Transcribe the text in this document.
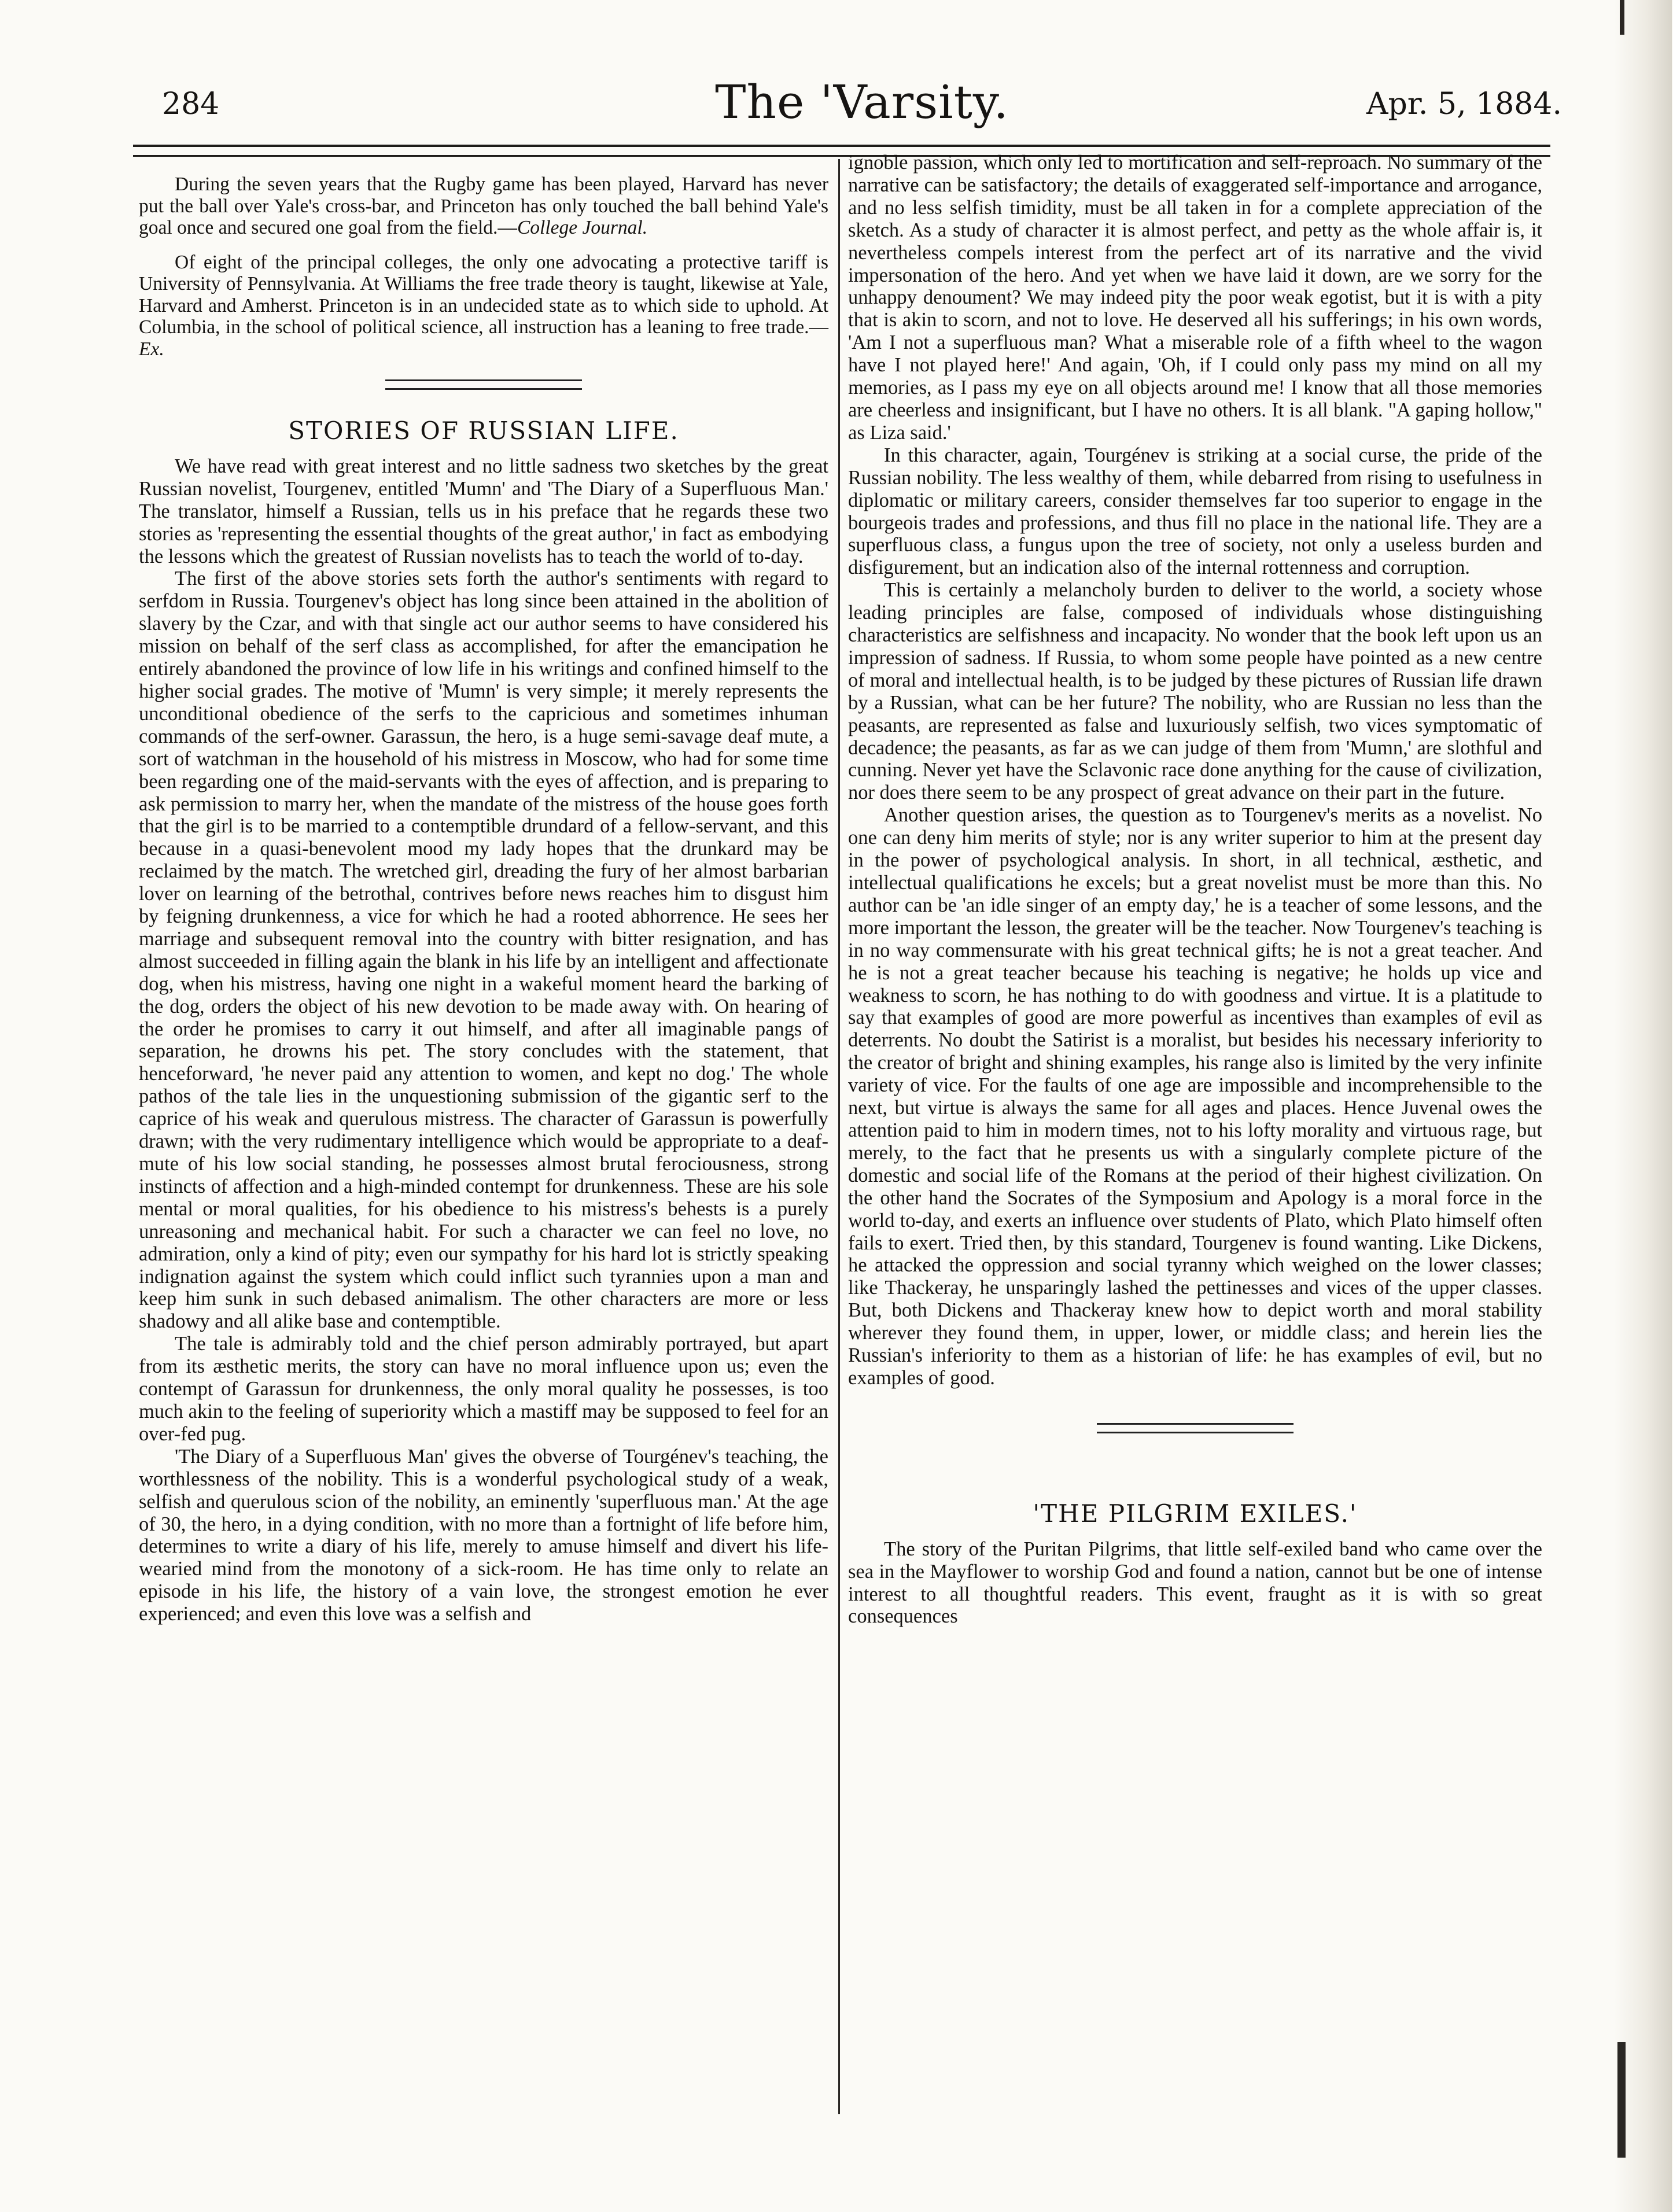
284	The 'Varsity.	Apr. 5, 1884.

During the seven years that the Rugby game has been played, Harvard has never put the ball over Yale's cross-bar, and Princeton has only touched the ball behind Yale's goal once and secured one goal from the field.—College Journal.

Of eight of the principal colleges, the only one advocating a protective tariff is University of Pennsylvania. At Williams the free trade theory is taught, likewise at Yale, Harvard and Amherst. Princeton is in an undecided state as to which side to uphold. At Columbia, in the school of political science, all instruction has a leaning to free trade.—Ex.

STORIES OF RUSSIAN LIFE.

We have read with great interest and no little sadness two sketches by the great Russian novelist, Tourgenev, entitled 'Mumn' and 'The Diary of a Superfluous Man.' The translator, himself a Russian, tells us in his preface that he regards these two stories as 'representing the essential thoughts of the great author,' in fact as embodying the lessons which the greatest of Russian novelists has to teach the world of to-day.

The first of the above stories sets forth the author's sentiments with regard to serfdom in Russia. Tourgenev's object has long since been attained in the abolition of slavery by the Czar, and with that single act our author seems to have considered his mission on behalf of the serf class as accomplished, for after the emancipation he entirely abandoned the province of low life in his writings and confined himself to the higher social grades. The motive of 'Mumn' is very simple; it merely represents the unconditional obedience of the serfs to the capricious and sometimes inhuman commands of the serf-owner. Garassun, the hero, is a huge semi-savage deaf mute, a sort of watchman in the household of his mistress in Moscow, who had for some time been regarding one of the maid-servants with the eyes of affection, and is preparing to ask permission to marry her, when the mandate of the mistress of the house goes forth that the girl is to be married to a contemptible drundard of a fellow-servant, and this because in a quasi-benevolent mood my lady hopes that the drunkard may be reclaimed by the match. The wretched girl, dreading the fury of her almost barbarian lover on learning of the betrothal, contrives before news reaches him to disgust him by feigning drunkenness, a vice for which he had a rooted abhorrence. He sees her marriage and subsequent removal into the country with bitter resignation, and has almost succeeded in filling again the blank in his life by an intelligent and affectionate dog, when his mistress, having one night in a wakeful moment heard the barking of the dog, orders the object of his new devotion to be made away with. On hearing of the order he promises to carry it out himself, and after all imaginable pangs of separation, he drowns his pet. The story concludes with the statement, that henceforward, 'he never paid any attention to women, and kept no dog.' The whole pathos of the tale lies in the unquestioning submission of the gigantic serf to the caprice of his weak and querulous mistress. The character of Garassun is powerfully drawn; with the very rudimentary intelligence which would be appropriate to a deaf-mute of his low social standing, he possesses almost brutal ferociousness, strong instincts of affection and a high-minded contempt for drunkenness. These are his sole mental or moral qualities, for his obedience to his mistress's behests is a purely unreasoning and mechanical habit. For such a character we can feel no love, no admiration, only a kind of pity; even our sympathy for his hard lot is strictly speaking indignation against the system which could inflict such tyrannies upon a man and keep him sunk in such debased animalism. The other characters are more or less shadowy and all alike base and contemptible.

The tale is admirably told and the chief person admirably portrayed, but apart from its æsthetic merits, the story can have no moral influence upon us; even the contempt of Garassun for drunkenness, the only moral quality he possesses, is too much akin to the feeling of superiority which a mastiff may be supposed to feel for an over-fed pug.

'The Diary of a Superfluous Man' gives the obverse of Tourgénev's teaching, the worthlessness of the nobility. This is a wonderful psychological study of a weak, selfish and querulous scion of the nobility, an eminently 'superfluous man.' At the age of 30, the hero, in a dying condition, with no more than a fortnight of life before him, determines to write a diary of his life, merely to amuse himself and divert his life-wearied mind from the monotony of a sick-room. He has time only to relate an episode in his life, the history of a vain love, the strongest emotion he ever experienced; and even this love was a selfish and

ignoble passion, which only led to mortification and self-reproach. No summary of the narrative can be satisfactory; the details of exaggerated self-importance and arrogance, and no less selfish timidity, must be all taken in for a complete appreciation of the sketch. As a study of character it is almost perfect, and petty as the whole affair is, it nevertheless compels interest from the perfect art of its narrative and the vivid impersonation of the hero. And yet when we have laid it down, are we sorry for the unhappy denoument? We may indeed pity the poor weak egotist, but it is with a pity that is akin to scorn, and not to love. He deserved all his sufferings; in his own words, 'Am I not a superfluous man? What a miserable role of a fifth wheel to the wagon have I not played here!' And again, 'Oh, if I could only pass my mind on all my memories, as I pass my eye on all objects around me! I know that all those memories are cheerless and insignificant, but I have no others. It is all blank. "A gaping hollow," as Liza said.'

In this character, again, Tourgénev is striking at a social curse, the pride of the Russian nobility. The less wealthy of them, while debarred from rising to usefulness in diplomatic or military careers, consider themselves far too superior to engage in the bourgeois trades and professions, and thus fill no place in the national life. They are a superfluous class, a fungus upon the tree of society, not only a useless burden and disfigurement, but an indication also of the internal rottenness and corruption.

This is certainly a melancholy burden to deliver to the world, a society whose leading principles are false, composed of individuals whose distinguishing characteristics are selfishness and incapacity. No wonder that the book left upon us an impression of sadness. If Russia, to whom some people have pointed as a new centre of moral and intellectual health, is to be judged by these pictures of Russian life drawn by a Russian, what can be her future? The nobility, who are Russian no less than the peasants, are represented as false and luxuriously selfish, two vices symptomatic of decadence; the peasants, as far as we can judge of them from 'Mumn,' are slothful and cunning. Never yet have the Sclavonic race done anything for the cause of civilization, nor does there seem to be any prospect of great advance on their part in the future.

Another question arises, the question as to Tourgenev's merits as a novelist. No one can deny him merits of style; nor is any writer superior to him at the present day in the power of psychological analysis. In short, in all technical, æsthetic, and intellectual qualifications he excels; but a great novelist must be more than this. No author can be 'an idle singer of an empty day,' he is a teacher of some lessons, and the more important the lesson, the greater will be the teacher. Now Tourgenev's teaching is in no way commensurate with his great technical gifts; he is not a great teacher. And he is not a great teacher because his teaching is negative; he holds up vice and weakness to scorn, he has nothing to do with goodness and virtue. It is a platitude to say that examples of good are more powerful as incentives than examples of evil as deterrents. No doubt the Satirist is a moralist, but besides his necessary inferiority to the creator of bright and shining examples, his range also is limited by the very infinite variety of vice. For the faults of one age are impossible and incomprehensible to the next, but virtue is always the same for all ages and places. Hence Juvenal owes the attention paid to him in modern times, not to his lofty morality and virtuous rage, but merely, to the fact that he presents us with a singularly complete picture of the domestic and social life of the Romans at the period of their highest civilization. On the other hand the Socrates of the Symposium and Apology is a moral force in the world to-day, and exerts an influence over students of Plato, which Plato himself often fails to exert. Tried then, by this standard, Tourgenev is found wanting. Like Dickens, he attacked the oppression and social tyranny which weighed on the lower classes; like Thackeray, he unsparingly lashed the pettinesses and vices of the upper classes. But, both Dickens and Thackeray knew how to depict worth and moral stability wherever they found them, in upper, lower, or middle class; and herein lies the Russian's inferiority to them as a historian of life: he has examples of evil, but no examples of good.

'THE PILGRIM EXILES.'

The story of the Puritan Pilgrims, that little self-exiled band who came over the sea in the Mayflower to worship God and found a nation, cannot but be one of intense interest to all thoughtful readers. This event, fraught as it is with so great consequences
